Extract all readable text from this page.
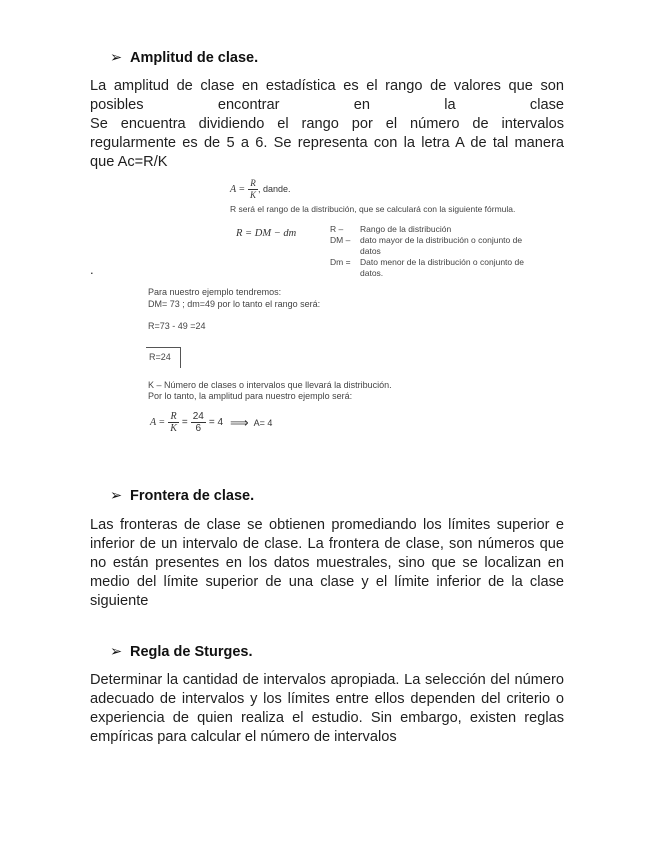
➢ Amplitud de clase.
La amplitud de clase en estadística es el rango de valores que son
posibles encontrar en la clase
Se encuentra dividiendo el rango por el número de intervalos
regularmente es de 5 a 6. Se representa con la letra A de tal manera
que Ac=R/K
$A = \frac{R}{K}$ , dande.
R será el rango de la distribución, que se calculará con la siguiente fórmula.
R = DM − dm	R – Rango de la distribución
DM – dato mayor de la distribución o conjunto de
datos
Dm = Dato menor de la distribución o conjunto de
datos.
.
Para nuestro ejemplo tendremos:
DM= 73 ; dm=49 por lo tanto el rango será:
R=73 - 49 =24
R=24
K – Número de clases o intervalos que llevará la distribución.
Por lo tanto, la amplitud para nuestro ejemplo será:
$A = \frac{R}{K} = \frac{24}{6} = 4$ ⟹ A= 4
➢ Frontera de clase.
Las fronteras de clase se obtienen promediando los límites superior e
inferior de un intervalo de clase. La frontera de clase, son números que
no están presentes en los datos muestrales, sino que se localizan en
medio del límite superior de una clase y el límite inferior de la clase
siguiente
➢ Regla de Sturges.
Determinar la cantidad de intervalos apropiada. La selección del número
adecuado de intervalos y los límites entre ellos dependen del criterio o
experiencia de quien realiza el estudio. Sin embargo, existen reglas
empíricas para calcular el número de intervalos
